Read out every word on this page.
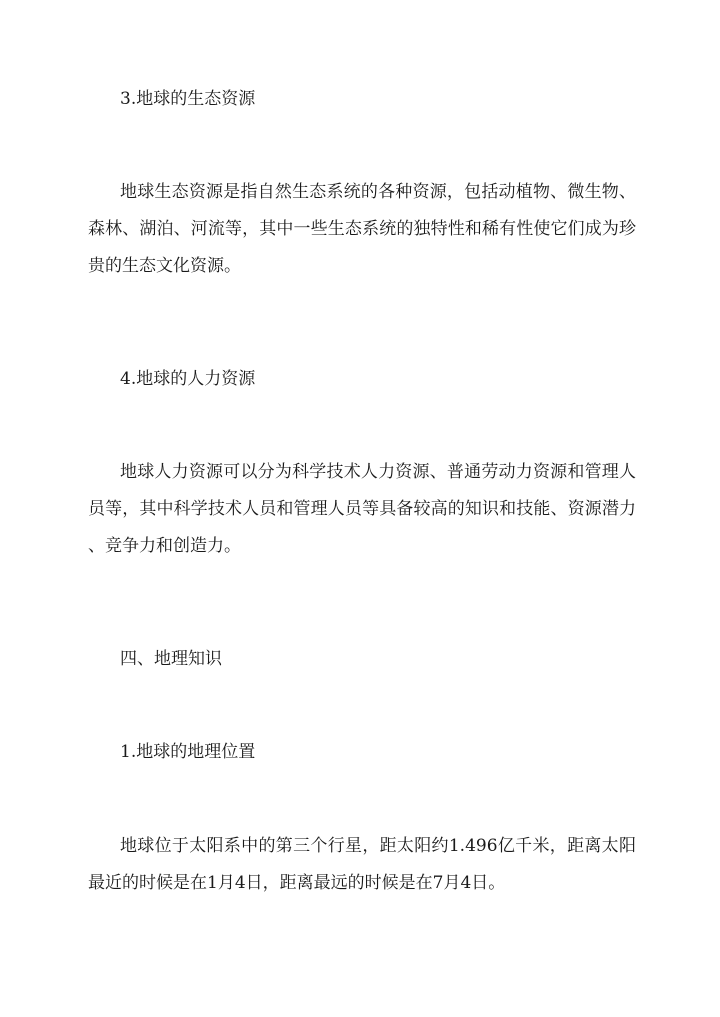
3.地球的生态资源
地球生态资源是指自然生态系统的各种资源，包括动植物、微生物、
森林、湖泊、河流等，其中一些生态系统的独特性和稀有性使它们成为珍
贵的生态文化资源。
4.地球的人力资源
地球人力资源可以分为科学技术人力资源、普通劳动力资源和管理人
员等，其中科学技术人员和管理人员等具备较高的知识和技能、资源潜力
、竞争力和创造力。
四、地理知识
1.地球的地理位置
地球位于太阳系中的第三个行星，距太阳约1.496亿千米，距离太阳
最近的时候是在1月4日，距离最远的时候是在7月4日。
